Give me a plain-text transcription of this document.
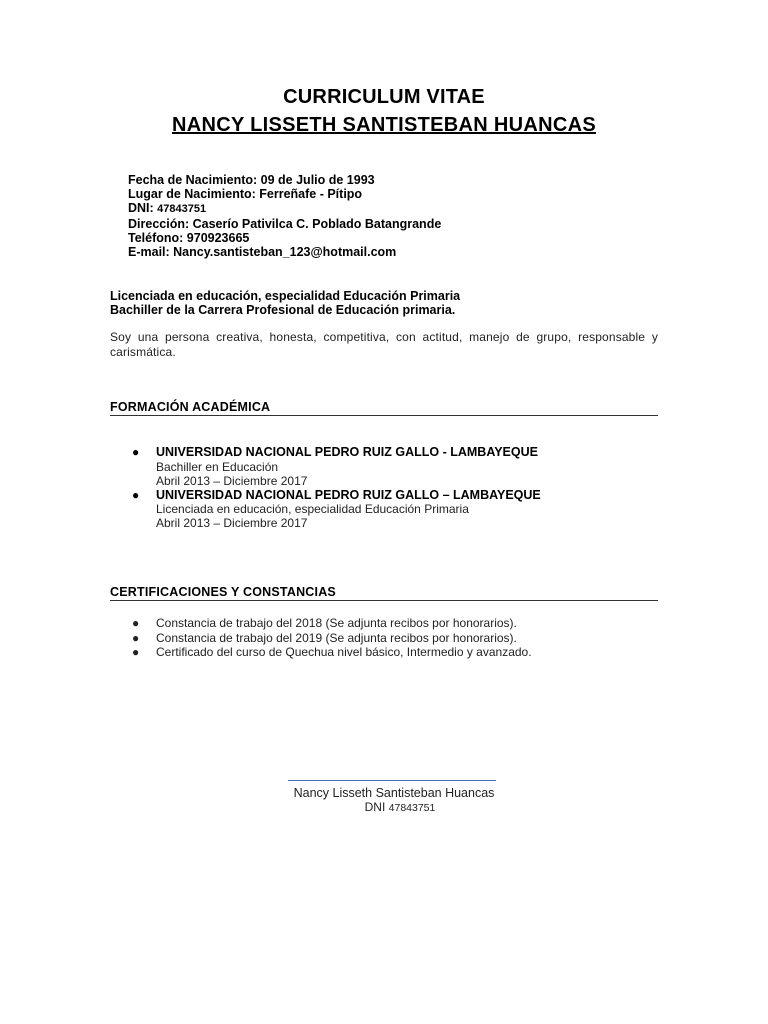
CURRICULUM VITAE
NANCY LISSETH SANTISTEBAN HUANCAS
Fecha de Nacimiento: 09 de Julio de 1993
Lugar de Nacimiento: Ferreñafe - Pítipo
DNI: 47843751
Dirección: Caserío Pativilca C. Poblado Batangrande
Teléfono: 970923665
E-mail: Nancy.santisteban_123@hotmail.com
Licenciada en educación, especialidad Educación Primaria
Bachiller de la Carrera Profesional de Educación primaria.
Soy una persona creativa, honesta, competitiva, con actitud, manejo de grupo, responsable y carismática.
FORMACIÓN ACADÉMICA
● UNIVERSIDAD NACIONAL PEDRO RUIZ GALLO - LAMBAYEQUE
Bachiller en Educación
Abril 2013 – Diciembre 2017
● UNIVERSIDAD NACIONAL PEDRO RUIZ GALLO – LAMBAYEQUE
Licenciada en educación, especialidad Educación Primaria
Abril 2013 – Diciembre 2017
CERTIFICACIONES Y CONSTANCIAS
● Constancia de trabajo del 2018 (Se adjunta recibos por honorarios).
● Constancia de trabajo del 2019 (Se adjunta recibos por honorarios).
● Certificado del curso de Quechua nivel básico, Intermedio y avanzado.
Nancy Lisseth Santisteban Huancas
DNI 47843751
